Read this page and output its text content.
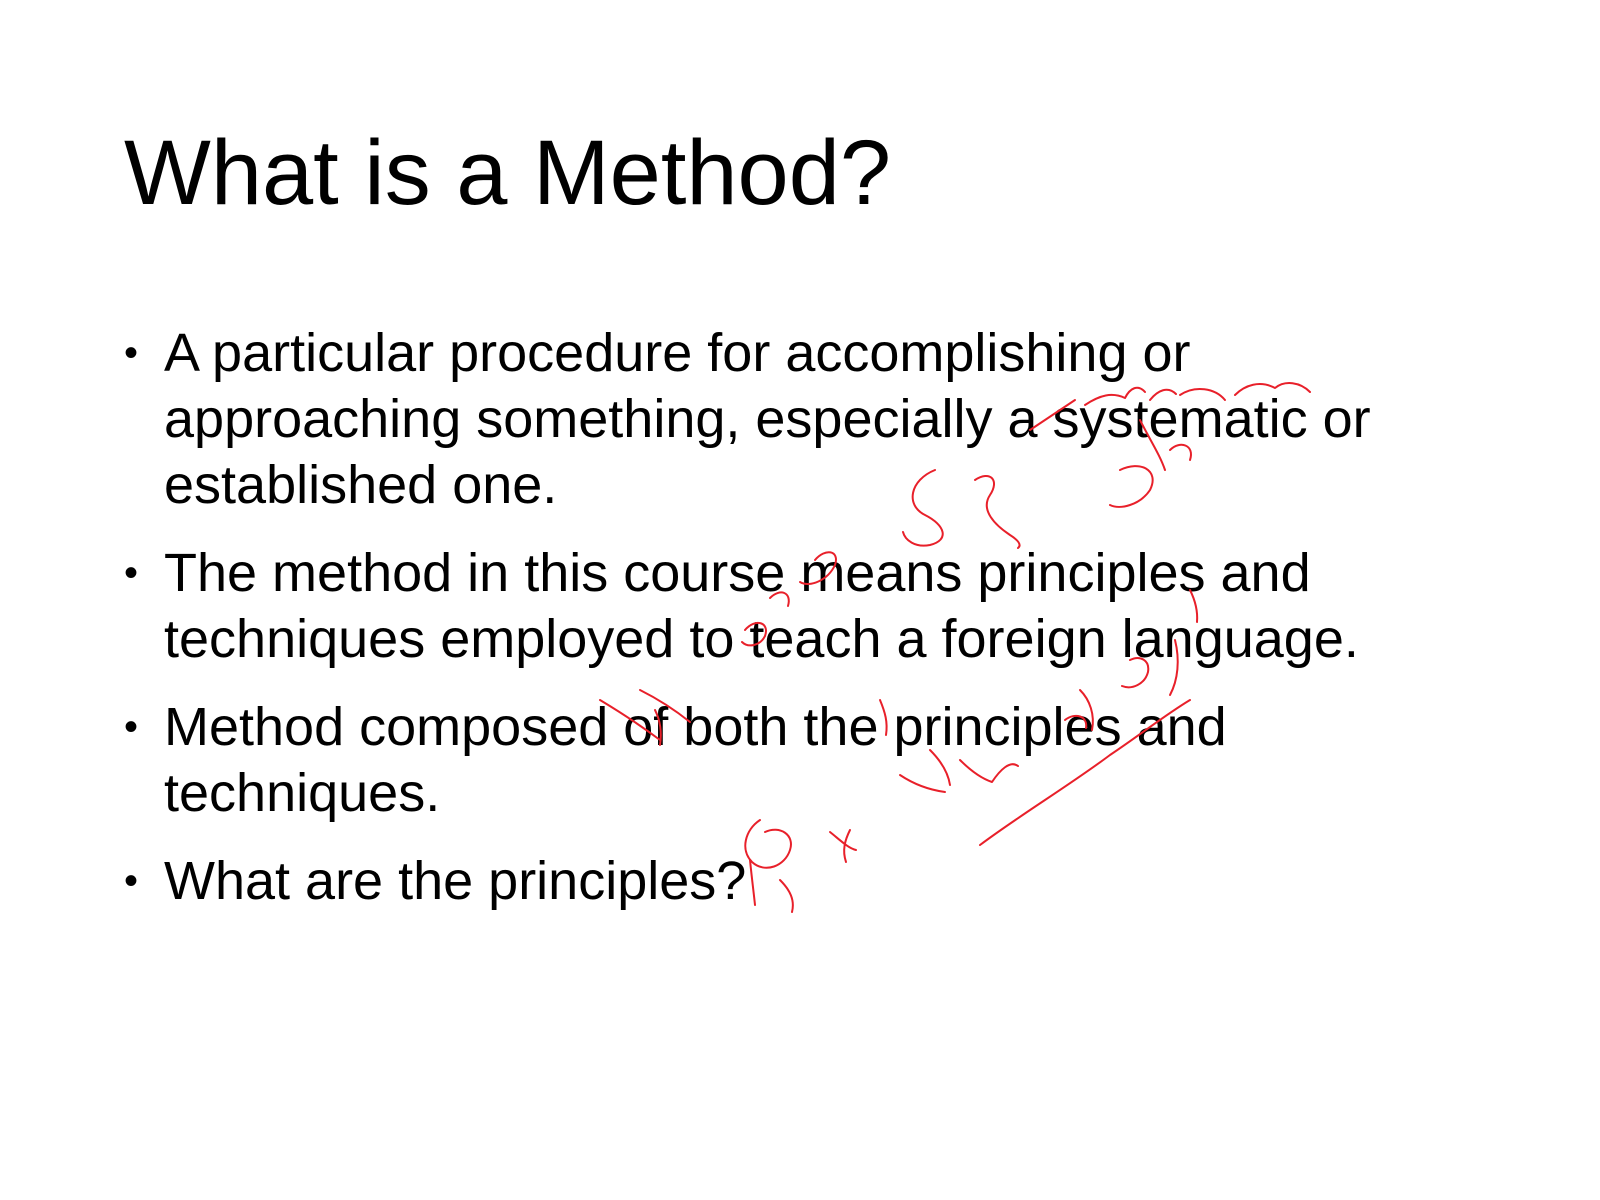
What is a Method?
• A particular procedure for accomplishing or approaching something, especially a systematic or established one.
• The method in this course means principles and techniques employed to teach a foreign language.
• Method composed of both the principles and techniques.
• What are the principles?
